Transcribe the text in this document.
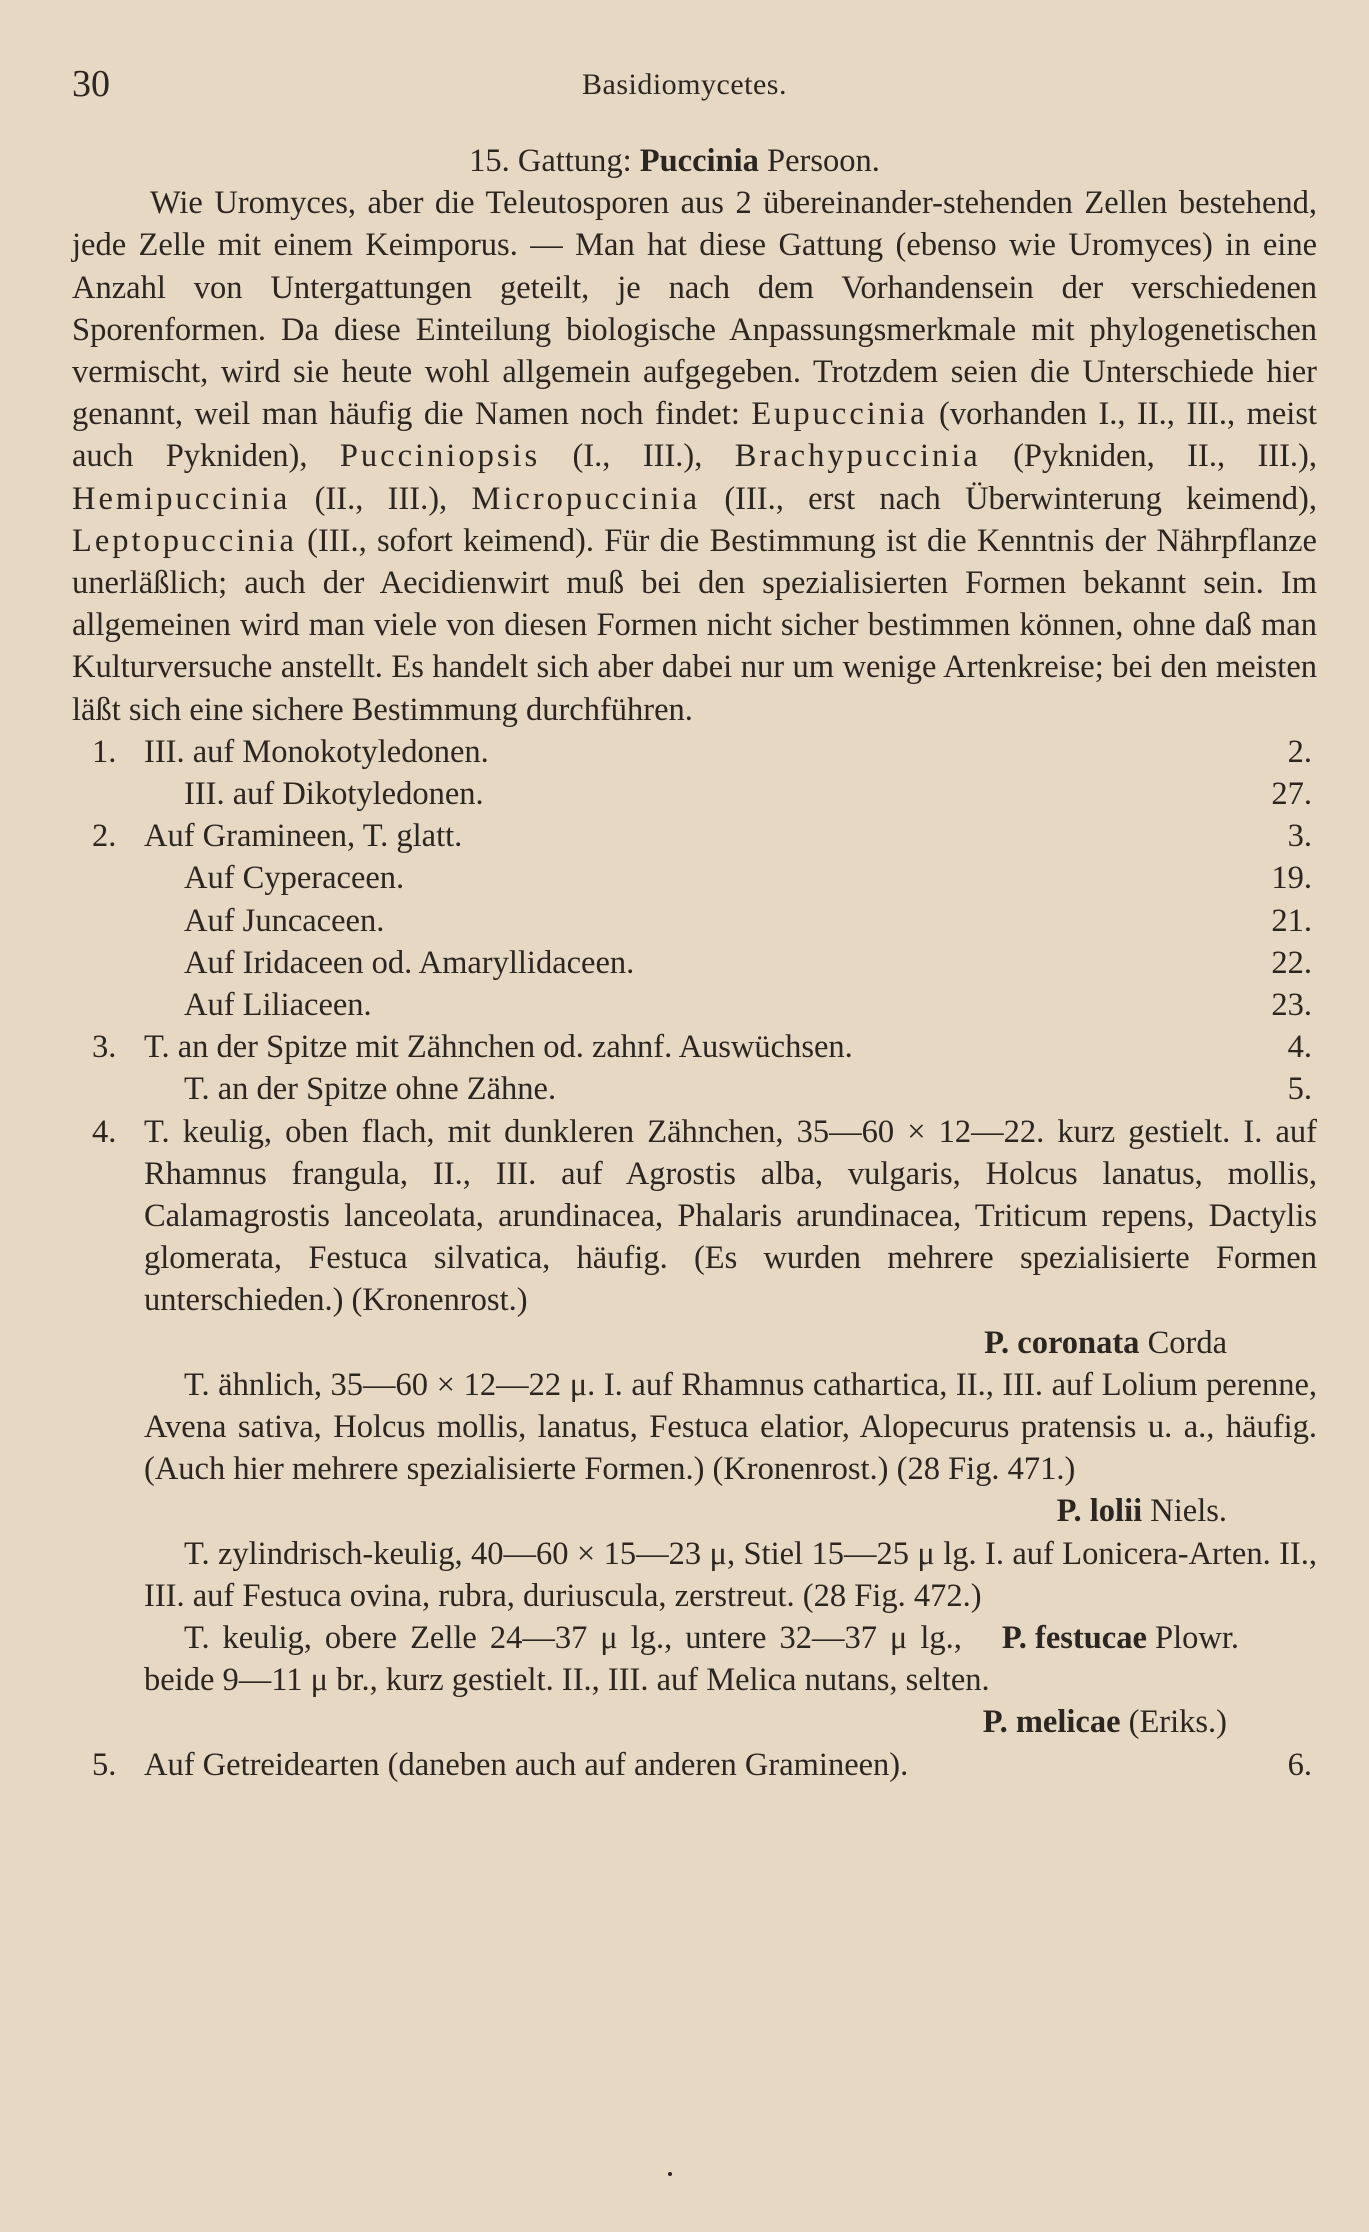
30	Basidiomycetes.
15. Gattung: Puccinia Persoon.
Wie Uromyces, aber die Teleutosporen aus 2 übereinander-stehenden Zellen bestehend, jede Zelle mit einem Keimporus. — Man hat diese Gattung (ebenso wie Uromyces) in eine Anzahl von Untergattungen geteilt, je nach dem Vorhandensein der verschiedenen Sporenformen. Da diese Einteilung biologische Anpassungsmerkmale mit phylogenetischen vermischt, wird sie heute wohl allgemein aufgegeben. Trotzdem seien die Unterschiede hier genannt, weil man häufig die Namen noch findet: Eupuccinia (vorhanden I., II., III., meist auch Pykniden), Pucciniopsis (I., III.), Brachypuccinia (Pykniden, II., III.), Hemipuccinia (II., III.), Micropuccinia (III., erst nach Überwinterung keimend), Leptopuccinia (III., sofort keimend). Für die Bestimmung ist die Kenntnis der Nährpflanze unerläßlich; auch der Aecidienwirt muß bei den spezialisierten Formen bekannt sein. Im allgemeinen wird man viele von diesen Formen nicht sicher bestimmen können, ohne daß man Kulturversuche anstellt. Es handelt sich aber dabei nur um wenige Artenkreise; bei den meisten läßt sich eine sichere Bestimmung durchführen.
1. III. auf Monokotyledonen.	2.
III. auf Dikotyledonen.	27.
2. Auf Gramineen, T. glatt.	3.
Auf Cyperaceen.	19.
Auf Juncaceen.	21.
Auf Iridaceen od. Amaryllidaceen.	22.
Auf Liliaceen.	23.
3. T. an der Spitze mit Zähnchen od. zahnf. Auswüchsen.	4.
T. an der Spitze ohne Zähne.	5.
4. T. keulig, oben flach, mit dunkleren Zähnchen, 35—60 × 12—22. kurz gestielt. I. auf Rhamnus frangula, II., III. auf Agrostis alba, vulgaris, Holcus lanatus, mollis, Calamagrostis lanceolata, arundinacea, Phalaris arundinacea, Triticum repens, Dactylis glomerata, Festuca silvatica, häufig. (Es wurden mehrere spezialisierte Formen unterschieden.) (Kronenrost.)
P. coronata Corda
T. ähnlich, 35—60 × 12—22 μ. I. auf Rhamnus cathartica, II., III. auf Lolium perenne, Avena sativa, Holcus mollis, lanatus, Festuca elatior, Alopecurus pratensis u. a., häufig. (Auch hier mehrere spezialisierte Formen.) (Kronenrost.) (28 Fig. 471.)
P. lolii Niels.
T. zylindrisch-keulig, 40—60 × 15—23 μ, Stiel 15—25 μ lg. I. auf Lonicera-Arten. II., III. auf Festuca ovina, rubra, duriuscula, zerstreut. (28 Fig. 472.)
P. festucae Plowr.
T. keulig, obere Zelle 24—37 μ lg., untere 32—37 μ lg., beide 9—11 μ br., kurz gestielt. II., III. auf Melica nutans, selten.
P. melicae (Eriks.)
5. Auf Getreidearten (daneben auch auf anderen Gramineen).	6.
